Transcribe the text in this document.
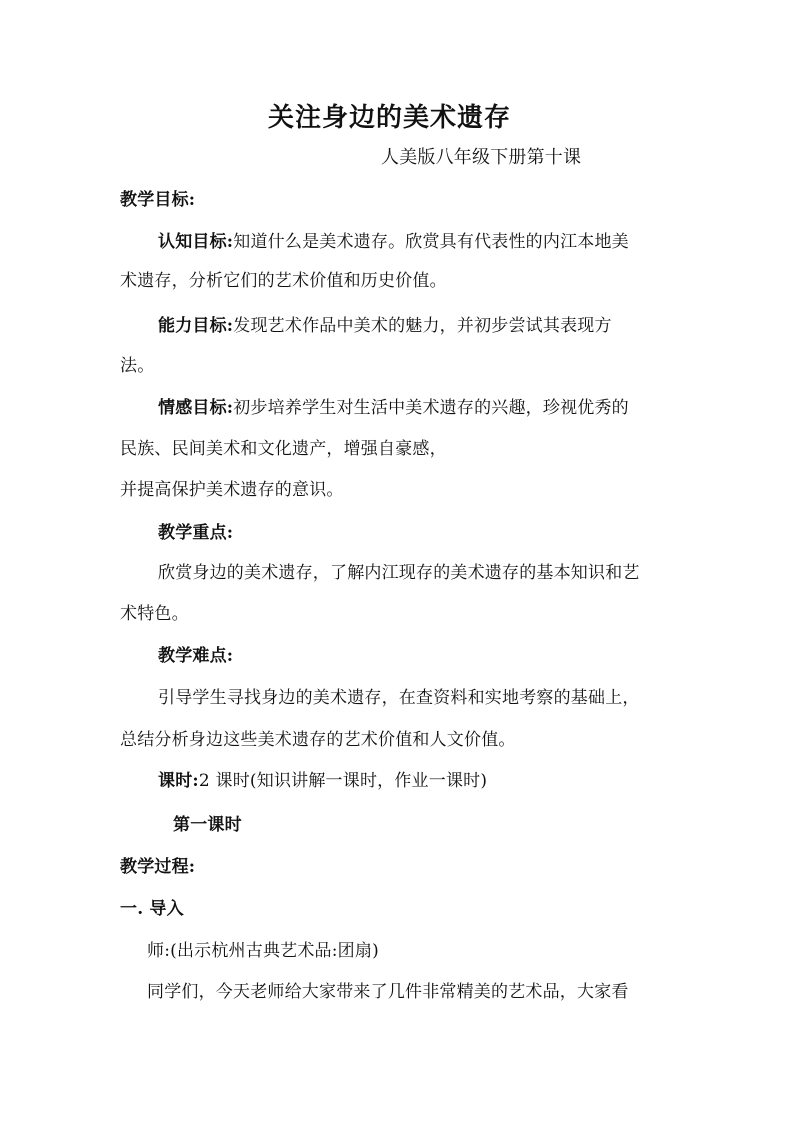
关注身边的美术遗存
人美版八年级下册第十课
教学目标:
认知目标:知道什么是美术遗存。欣赏具有代表性的内江本地美
术遗存，分析它们的艺术价值和历史价值。
能力目标:发现艺术作品中美术的魅力，并初步尝试其表现方
法。
情感目标:初步培养学生对生活中美术遗存的兴趣，珍视优秀的
民族、民间美术和文化遗产，增强自豪感，
并提高保护美术遗存的意识。
教学重点:
欣赏身边的美术遗存，了解内江现存的美术遗存的基本知识和艺
术特色。
教学难点:
引导学生寻找身边的美术遗存，在查资料和实地考察的基础上，
总结分析身边这些美术遗存的艺术价值和人文价值。
课时:2 课时(知识讲解一课时，作业一课时)
第一课时
教学过程:
一. 导入
师:(出示杭州古典艺术品:团扇)
同学们，今天老师给大家带来了几件非常精美的艺术品，大家看
